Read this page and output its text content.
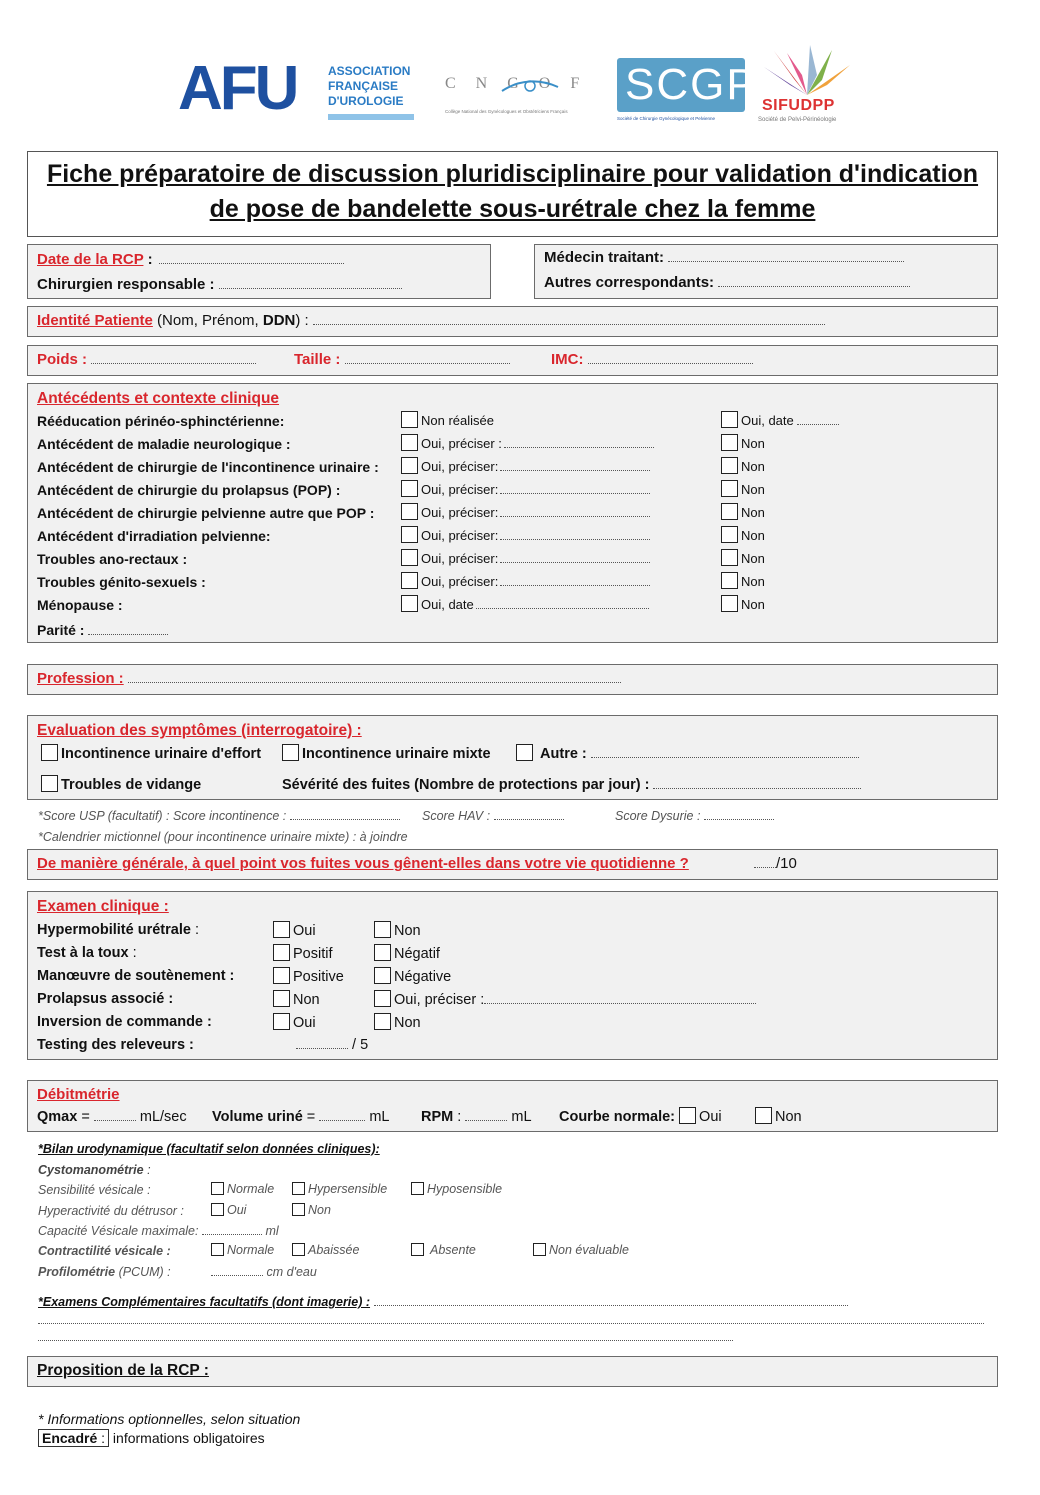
AFU	ASSOCIATION
FRANÇAISE
D'UROLOGIE
C N G O F
Collège National des Gynécologues et Obstétriciens Français
SCGP
Société de Chirurgie Gynécologique et Pelvienne
SIFUDPP
Société de Pelvi-Périnéologie
Fiche préparatoire de discussion pluridisciplinaire pour validation d'indication
de pose de bandelette sous-urétrale chez la femme
Date de la RCP :
Chirurgien responsable :
Médecin traitant:
Autres correspondants:
Identité Patiente (Nom, Prénom, DDN) :
Poids :	Taille :	IMC:
Antécédents et contexte clinique
Rééducation périnéo-sphinctérienne:	Non réalisée	Oui, date
Antécédent de maladie neurologique :	Oui, préciser :	Non
Antécédent de chirurgie de l'incontinence urinaire :	Oui, préciser:	Non
Antécédent de chirurgie du prolapsus (POP) :	Oui, préciser:	Non
Antécédent de chirurgie pelvienne autre que POP :	Oui, préciser:	Non
Antécédent d'irradiation pelvienne:	Oui, préciser:	Non
Troubles ano-rectaux :	Oui, préciser:	Non
Troubles génito-sexuels :	Oui, préciser:	Non
Ménopause :	Oui, date	Non
Parité :
Profession :
Evaluation des symptômes (interrogatoire) :
Incontinence urinaire d'effort	Incontinence urinaire mixte	Autre :
Troubles de vidange	Sévérité des fuites (Nombre de protections par jour) :
*Score USP (facultatif) : Score incontinence :	Score HAV :	Score Dysurie :
*Calendrier mictionnel (pour incontinence urinaire mixte) : à joindre
De manière générale, à quel point vos fuites vous gênent-elles dans votre vie quotidienne ?	/10
Examen clinique :
Hypermobilité urétrale :	Oui	Non
Test à la toux :	Positif	Négatif
Manœuvre de soutènement :	Positive	Négative
Prolapsus associé :	Non	Oui, préciser :
Inversion de commande :	Oui	Non
Testing des releveurs :	/ 5
Débitmétrie
Qmax =	mL/sec Volume uriné =	mL RPM :	mL Courbe normale: Oui	Non
*Bilan urodynamique (facultatif selon données cliniques):
Cystomanométrie :
Sensibilité vésicale :	Normale	Hypersensible	Hyposensible
Hyperactivité du détrusor :	Oui	Non
Capacité Vésicale maximale:	ml
Contractilité vésicale :	Normale	Abaissée	Absente	Non évaluable
Profilométrie (PCUM) :	cm d'eau
*Examens Complémentaires facultatifs (dont imagerie) :
Proposition de la RCP :
* Informations optionnelles, selon situation
Encadré : informations obligatoires
